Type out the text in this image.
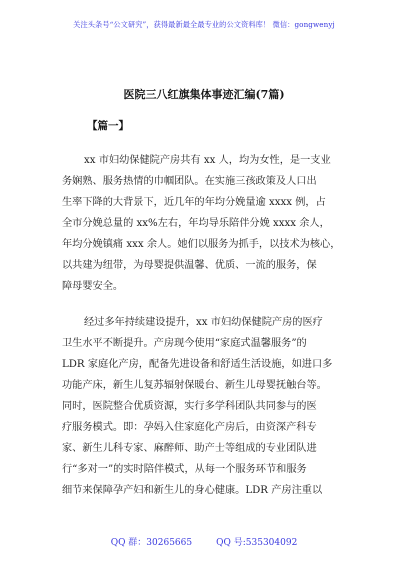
关注头条号“公文研究”，获得最新最全最专业的公文资料库！ 微信：gongwenyj
医院三八红旗集体事迹汇编(7篇)
【篇一】
xx 市妇幼保健院产房共有 xx 人，均为女性，是一支业
务娴熟、服务热情的巾帼团队。在实施三孩政策及人口出
生率下降的大背景下，近几年的年均分娩量逾 xxxx 例，占
全市分娩总量的 xx%左右，年均导乐陪伴分娩 xxxx 余人，
年均分娩镇痛 xxx 余人。她们以服务为抓手，以技术为核心，
以共建为纽带，为母婴提供温馨、优质、一流的服务，保
障母婴安全。
经过多年持续建设提升，xx 市妇幼保健院产房的医疗
卫生水平不断提升。产房现今使用“家庭式温馨服务”的
LDR 家庭化产房，配备先进设备和舒适生活设施，如进口多
功能产床，新生儿复苏辐射保暖台、新生儿母婴抚触台等。
同时，医院整合优质资源，实行多学科团队共同参与的医
疗服务模式。即：孕妈入住家庭化产房后，由资深产科专
家、新生儿科专家、麻醉师、助产士等组成的专业团队进
行“多对一”的实时陪伴模式，从每一个服务环节和服务
细节来保障孕产妇和新生儿的身心健康。LDR 产房注重以
QQ 群：30265665	QQ 号:535304092
